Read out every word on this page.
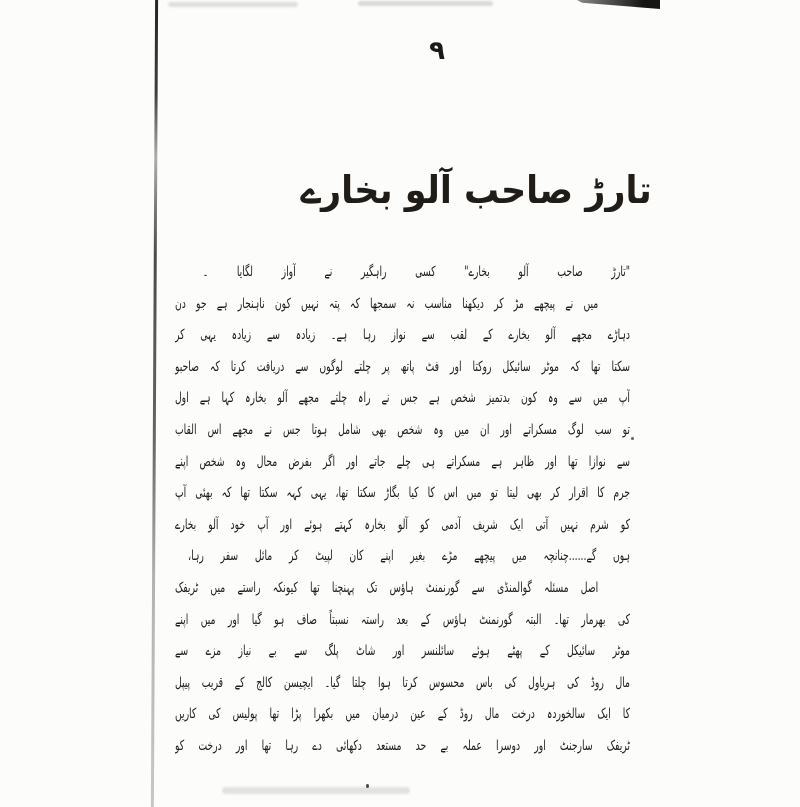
۹
تارڑ صاحب آلو بخارے
"تارڑ صاحب آلو بخارے" کسی راہگیر نے آواز لگایا ۔
میں نے پیچھے مڑ کر دیکھنا مناسب نہ سمجھا کہ پتہ نہیں کون ناہنجار ہے جو دن
دہاڑے مجھے آلو بخارے کے لقب سے نواز رہا ہے۔ زیادہ سے زیادہ یہی کر
سکتا تھا کہ موٹر سائیکل روکتا اور فٹ پاتھ پر چلتے لوگوں سے دریافت کرتا کہ صاحبو
آپ میں سے وہ کون بدتمیز شخص ہے جس نے راہ چلتے مجھے آلو بخارہ کہا ہے اول
تو سب لوگ مسکراتے اور ان میں وہ شخص بھی شامل ہوتا جس نے مجھے اس القاب
سے نوازا تھا اور ظاہر ہے مسکراتے ہی چلے جاتے اور اگر بفرض محال وہ شخص اپنے
جرم کا اقرار کر بھی لیتا تو میں اس کا کیا بگاڑ سکتا تھا، یہی کہہ سکتا تھا کہ بھئی آپ
کو شرم نہیں آتی ایک شریف آدمی کو آلو بخارہ کہتے ہوئے اور آپ خود آلو بخارے
ہوں گے......چنانچہ میں پیچھے مڑے بغیر اپنے کان لپیٹ کر مائل سفر رہا،
اصل مسئلہ گوالمنڈی سے گورنمنٹ ہاؤس تک پہنچنا تھا کیونکہ راستے میں ٹریفک
کی بھرمار تھا۔ البتہ گورنمنٹ ہاؤس کے بعد راستہ نسبتاً صاف ہو گیا اور میں اپنے
موٹر سائیکل کے پھٹے ہوئے سائلنسر اور شاٹ پلگ سے بے نیاز مزے سے
مال روڈ کی ہریاول کی باس محسوس کرتا ہوا چلتا گیا۔ ایچیسن کالج کے قریب پیپل
کا ایک سالخوردہ درخت مال روڈ کے عین درمیان میں بکھرا پڑا تھا پولیس کی کاریں
ٹریفک سارجنٹ اور دوسرا عملہ بے حد مستعد دکھائی دے رہا تھا اور درخت کو
